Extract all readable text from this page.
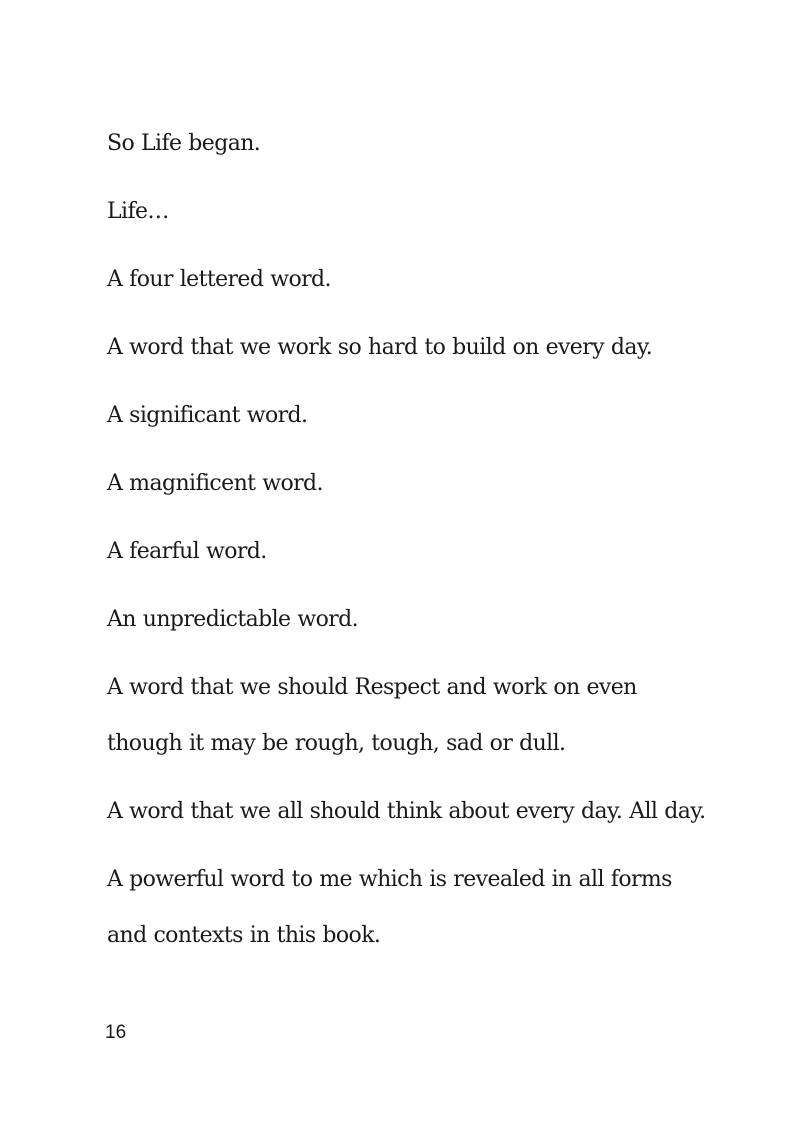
So Life began.

Life…

A four lettered word.

A word that we work so hard to build on every day.

A significant word.

A magnificent word.

A fearful word.

An unpredictable word.

A word that we should Respect and work on even
though it may be rough, tough, sad or dull.

A word that we all should think about every day. All day.

A powerful word to me which is revealed in all forms
and contexts in this book.

16
